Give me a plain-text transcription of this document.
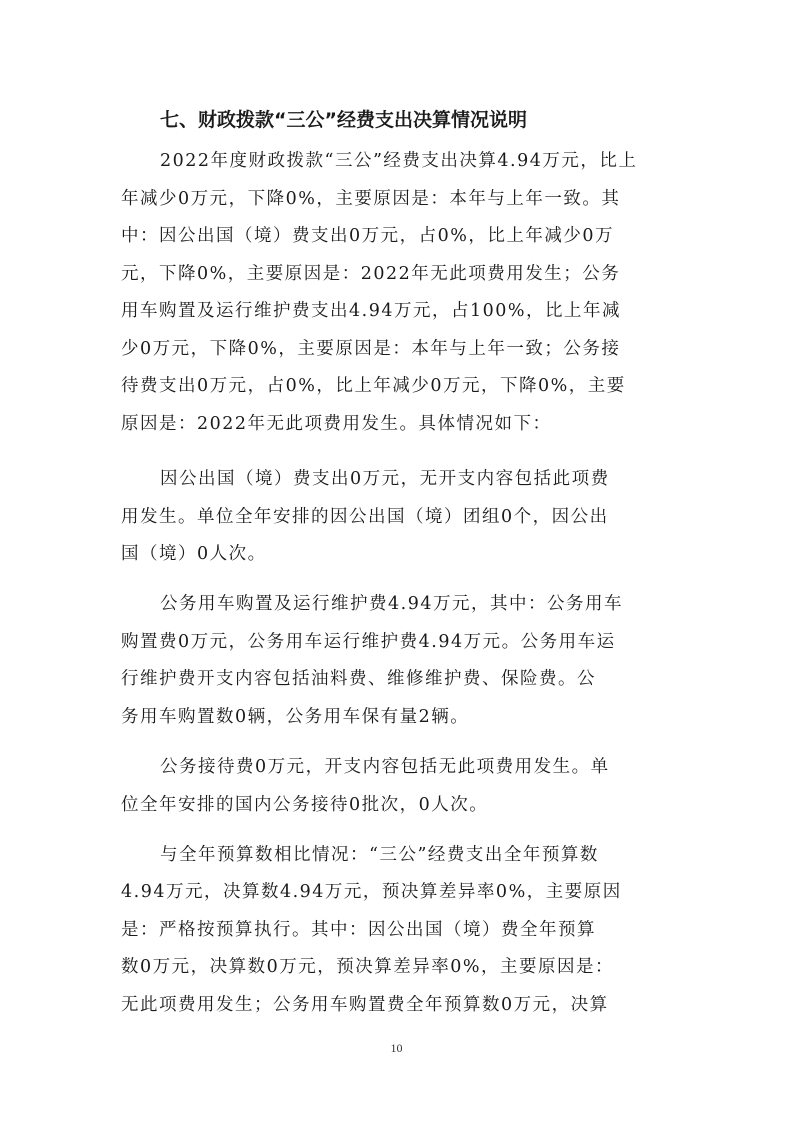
七、财政拨款“三公”经费支出决算情况说明
2022年度财政拨款“三公”经费支出决算4.94万元，比上
年减少0万元，下降0%，主要原因是：本年与上年一致。其
中：因公出国（境）费支出0万元，占0%，比上年减少0万
元，下降0%，主要原因是：2022年无此项费用发生；公务
用车购置及运行维护费支出4.94万元，占100%，比上年减
少0万元，下降0%，主要原因是：本年与上年一致；公务接
待费支出0万元，占0%，比上年减少0万元，下降0%，主要
原因是：2022年无此项费用发生。具体情况如下：
因公出国（境）费支出0万元，无开支内容包括此项费
用发生。单位全年安排的因公出国（境）团组0个，因公出
国（境）0人次。
公务用车购置及运行维护费4.94万元，其中：公务用车
购置费0万元，公务用车运行维护费4.94万元。公务用车运
行维护费开支内容包括油料费、维修维护费、保险费。公
务用车购置数0辆，公务用车保有量2辆。
公务接待费0万元，开支内容包括无此项费用发生。单
位全年安排的国内公务接待0批次，0人次。
与全年预算数相比情况：“三公”经费支出全年预算数
4.94万元，决算数4.94万元，预决算差异率0%，主要原因
是：严格按预算执行。其中：因公出国（境）费全年预算
数0万元，决算数0万元，预决算差异率0%，主要原因是：
无此项费用发生；公务用车购置费全年预算数0万元，决算
10
